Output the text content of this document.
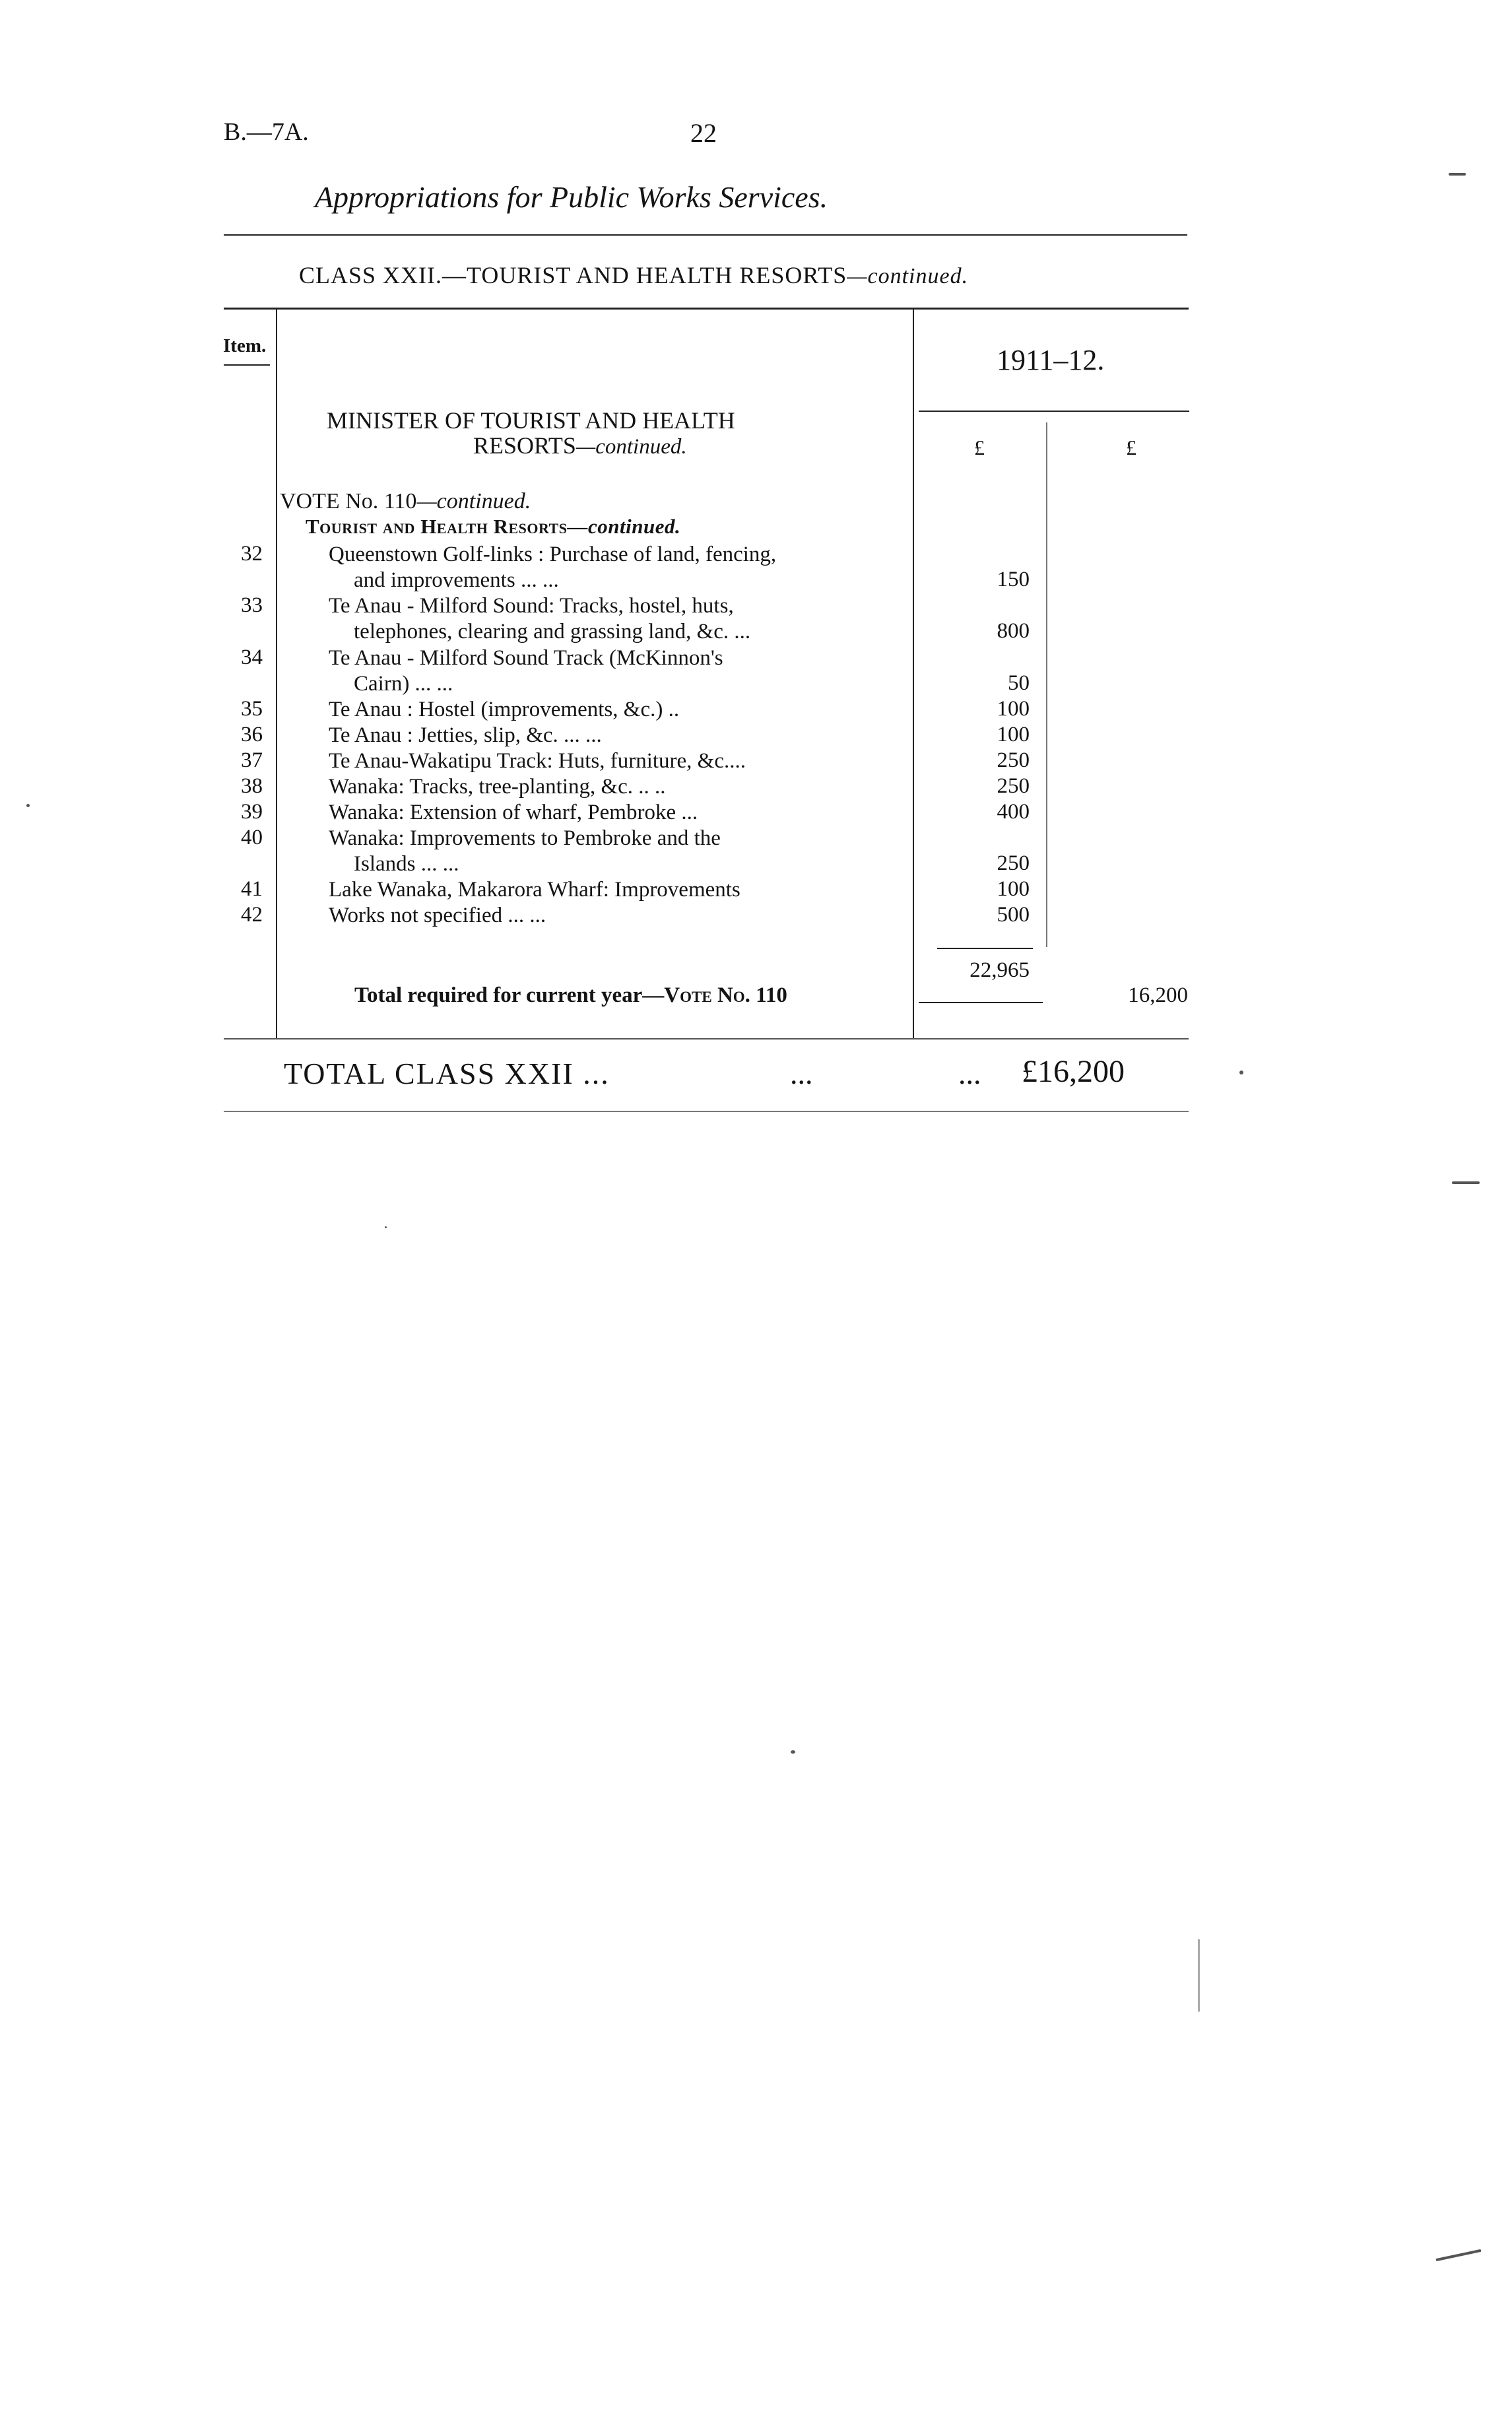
B.—7A.	22
Appropriations for Public Works Services.
CLASS XXII.—TOURIST AND HEALTH RESORTS—continued.
Item.	1911–12.
£	£
MINISTER OF TOURIST AND HEALTH
RESORTS—continued.
VOTE No. 110—continued.
Tourist and Health Resorts—continued.
32	Queenstown Golf-links : Purchase of land, fencing,
and improvements ... ...	150
33	Te Anau - Milford Sound: Tracks, hostel, huts,
telephones, clearing and grassing land, &c. ...	800
34	Te Anau - Milford Sound Track (McKinnon's
Cairn) ... ...	50
35	Te Anau : Hostel (improvements, &c.) ..	100
36	Te Anau : Jetties, slip, &c. ... ...	100
37	Te Anau-Wakatipu Track: Huts, furniture, &c....	250
38	Wanaka: Tracks, tree-planting, &c. .. ..	250
39	Wanaka: Extension of wharf, Pembroke ...	400
40	Wanaka: Improvements to Pembroke and the
Islands ... ...	250
41	Lake Wanaka, Makarora Wharf: Improvements	100
42	Works not specified ... ...	500
22,965
Total required for current year—Vote No. 110	16,200
TOTAL CLASS XXII ...	...	... £16,200
